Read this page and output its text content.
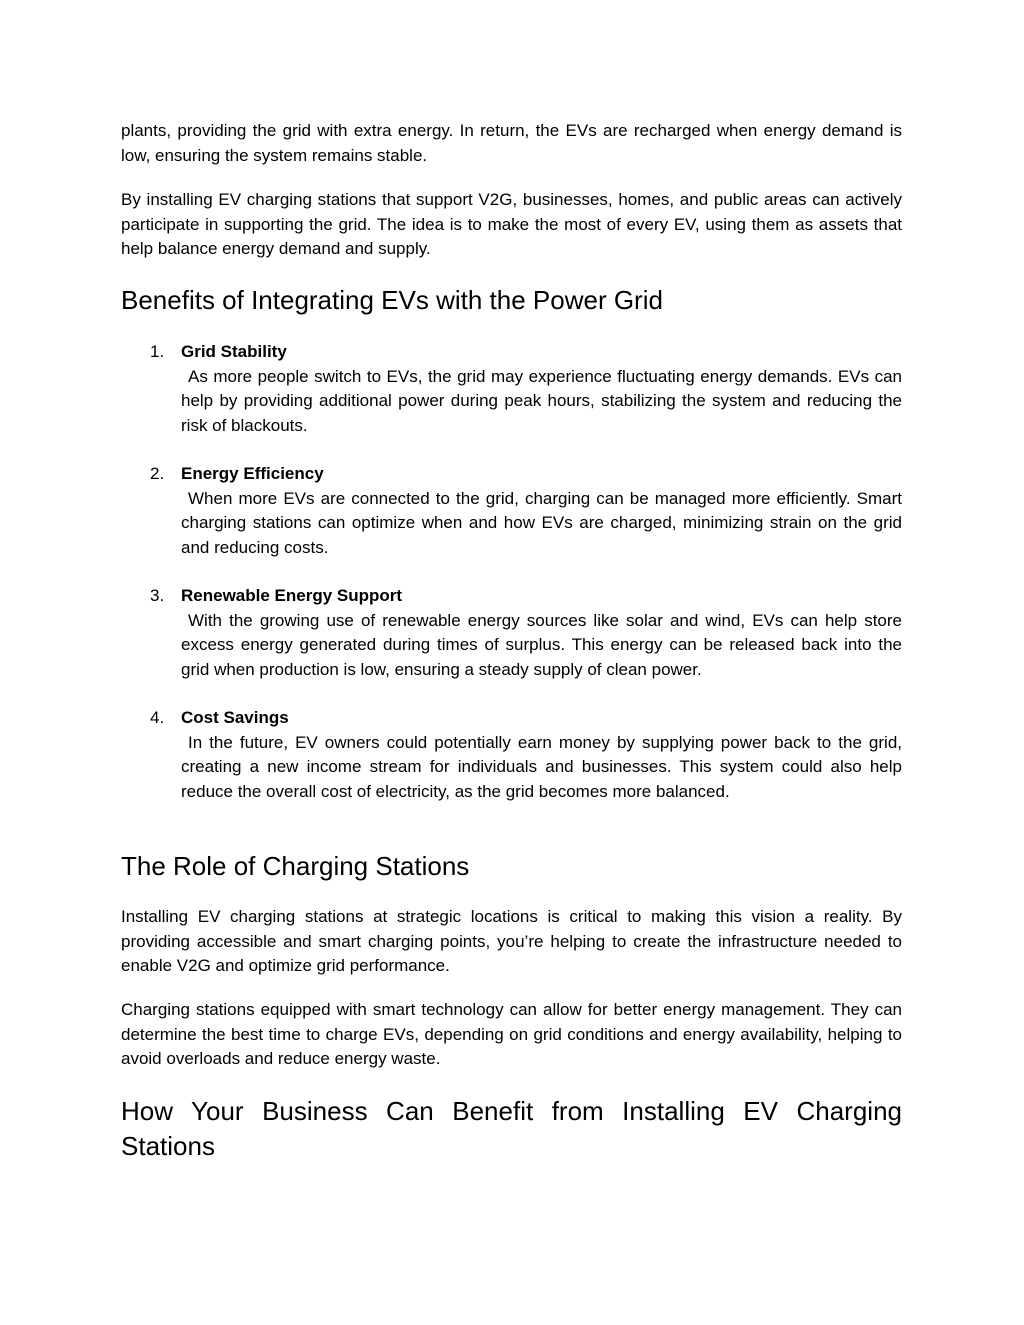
plants, providing the grid with extra energy. In return, the EVs are recharged when energy demand is low, ensuring the system remains stable.

By installing EV charging stations that support V2G, businesses, homes, and public areas can actively participate in supporting the grid. The idea is to make the most of every EV, using them as assets that help balance energy demand and supply.

Benefits of Integrating EVs with the Power Grid
1. Grid Stability
As more people switch to EVs, the grid may experience fluctuating energy demands. EVs can help by providing additional power during peak hours, stabilizing the system and reducing the risk of blackouts.
2. Energy Efficiency
When more EVs are connected to the grid, charging can be managed more efficiently. Smart charging stations can optimize when and how EVs are charged, minimizing strain on the grid and reducing costs.
3. Renewable Energy Support
With the growing use of renewable energy sources like solar and wind, EVs can help store excess energy generated during times of surplus. This energy can be released back into the grid when production is low, ensuring a steady supply of clean power.
4. Cost Savings
In the future, EV owners could potentially earn money by supplying power back to the grid, creating a new income stream for individuals and businesses. This system could also help reduce the overall cost of electricity, as the grid becomes more balanced.
The Role of Charging Stations

Installing EV charging stations at strategic locations is critical to making this vision a reality. By providing accessible and smart charging points, you’re helping to create the infrastructure needed to enable V2G and optimize grid performance.

Charging stations equipped with smart technology can allow for better energy management. They can determine the best time to charge EVs, depending on grid conditions and energy availability, helping to avoid overloads and reduce energy waste.

How Your Business Can Benefit from Installing EV Charging Stations
